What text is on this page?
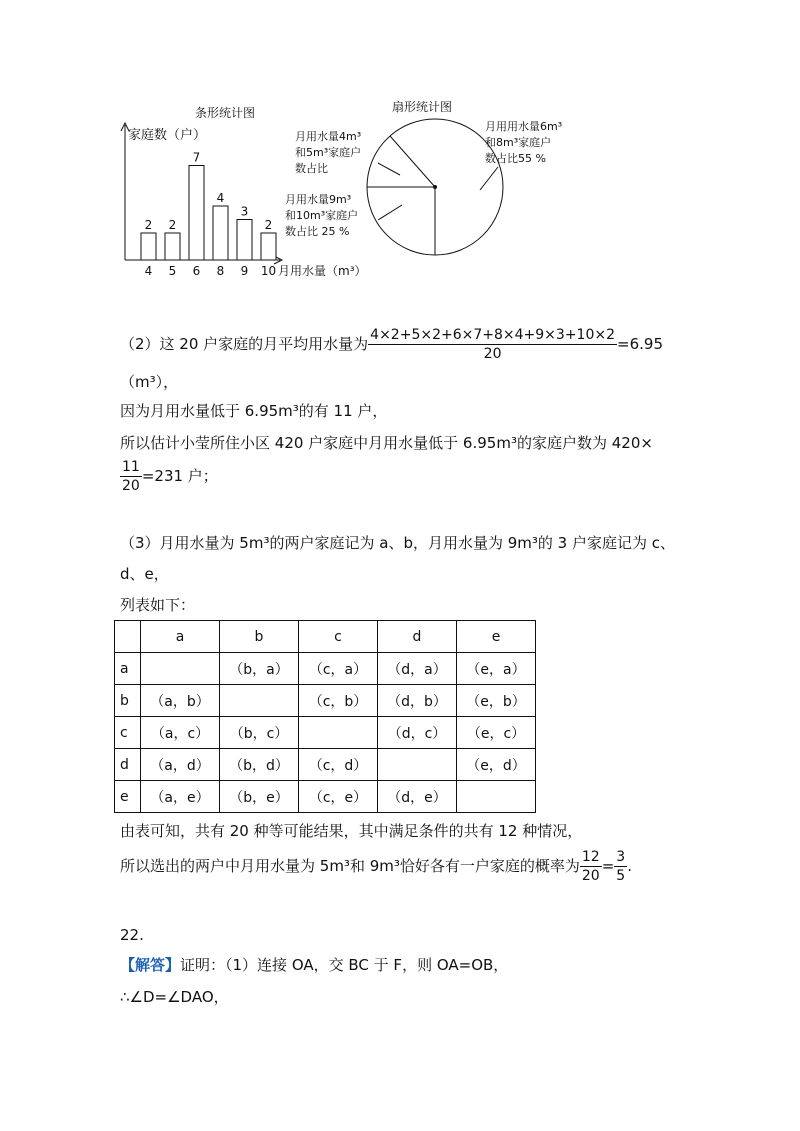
条形统计图
家庭数（户）
月用水量（m³）
2
4
2
5
7
6
4
8
3
9
2
10
扇形统计图
月用水量4m³
和5m³家庭户
数占比
月用水量9m³
和10m³家庭户
数占比 25 %
月用用水量6m³
和8m³家庭户
数占比55 %
（2）这 20 户家庭的月平均用水量为 $\frac{4\times 2+5\times 2+6\times 7+8\times 4+9\times 3+10\times 2}{20} =6.95$
（m³），
因为月用水量低于 6.95m³的有 11 户，
所以估计小莹所住小区 420 户家庭中月用水量低于 6.95m³的家庭户数为 420×
$\frac{11}{20} =231$ 户；
（3）月用水量为 5m³的两户家庭记为 a、b，月用水量为 9m³的 3 户家庭记为 c、
d、e，
列表如下：
	a	b	c	d	e
a		（b，a）	（c，a）	（d，a）	（e，a）
b	（a，b）		（c，b）	（d，b）	（e，b）
c	（a，c）	（b，c）		（d，c）	（e，c）
d	（a，d）	（b，d）	（c，d）		（e，d）
e	（a，e）	（b，e）	（c，e）	（d，e）	
由表可知，共有 20 种等可能结果，其中满足条件的共有 12 种情况，
所以选出的两户中月用水量为 5m³和 9m³恰好各有一户家庭的概率为 $\frac{12}{20} = \frac{3}{5}$ .
22.
【解答】证明：（1）连接 OA，交 BC 于 F，则 OA=OB，
∴∠D=∠DAO，
